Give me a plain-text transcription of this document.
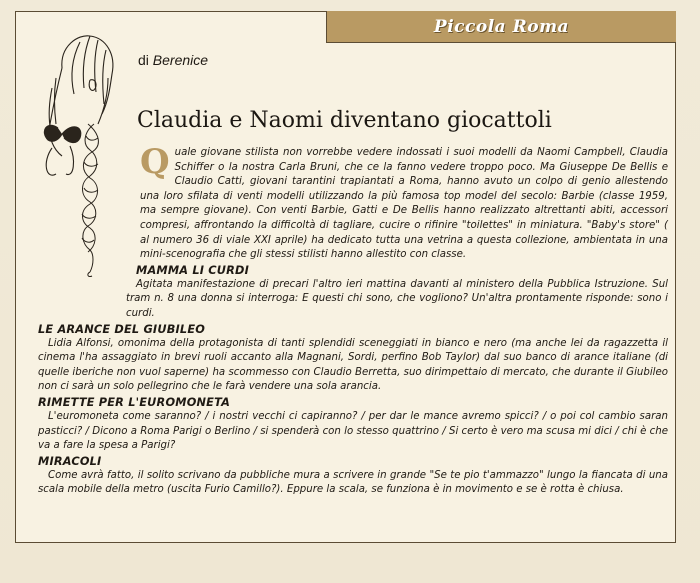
Piccola Roma
di Berenice
Claudia e Naomi diventano giocattoli

Quale giovane stilista non vorrebbe vedere indossati i suoi modelli da Naomi Campbell, Claudia Schiffer o la nostra Carla Bruni, che ce la fanno vedere troppo poco. Ma Giuseppe De Bellis e Claudio Catti, giovani tarantini trapiantati a Roma, hanno avuto un colpo di genio allestendo una loro sfilata di venti modelli utilizzando la più famosa top model del secolo: Barbie (classe 1959, ma sempre giovane). Con venti Barbie, Gatti e De Bellis hanno realizzato altrettanti abiti, accessori compresi, affrontando la difficoltà di tagliare, cucire o rifinire "toilettes" in miniatura. "Baby's store" ( al numero 36 di viale XXI aprile) ha dedicato tutta una vetrina a questa collezione, ambientata in una mini-scenografia che gli stessi stilisti hanno allestito con classe.

MAMMA LI CURDI

Agitata manifestazione di precari l'altro ieri mattina davanti al ministero della Pubblica Istruzione. Sul tram n. 8 una donna si interroga: E questi chi sono, che vogliono? Un'altra prontamente risponde: sono i curdi.

LE ARANCE DEL GIUBILEO

Lidia Alfonsi, omonima della protagonista di tanti splendidi sceneggiati in bianco e nero (ma anche lei da ragazzetta il cinema l'ha assaggiato in brevi ruoli accanto alla Magnani, Sordi, perfino Bob Taylor) dal suo banco di arance italiane (di quelle iberiche non vuol saperne) ha scommesso con Claudio Berretta, suo dirimpettaio di mercato, che durante il Giubileo non ci sarà un solo pellegrino che le farà vendere una sola arancia.

RIMETTE PER L'EUROMONETA

L'euromoneta come saranno? / i nostri vecchi ci capiranno? / per dar le mance avremo spicci? / o poi col cambio saran pasticci? / Dicono a Roma Parigi o Berlino / si spenderà con lo stesso quattrino / Si certo è vero ma scusa mi dici / chi è che va a fare la spesa a Parigi?

MIRACOLI

Come avrà fatto, il solito scrivano da pubbliche mura a scrivere in grande "Se te pio t'ammazzo" lungo la fiancata di una scala mobile della metro (uscita Furio Camillo?). Eppure la scala, se funziona è in movimento e se è rotta è chiusa.
